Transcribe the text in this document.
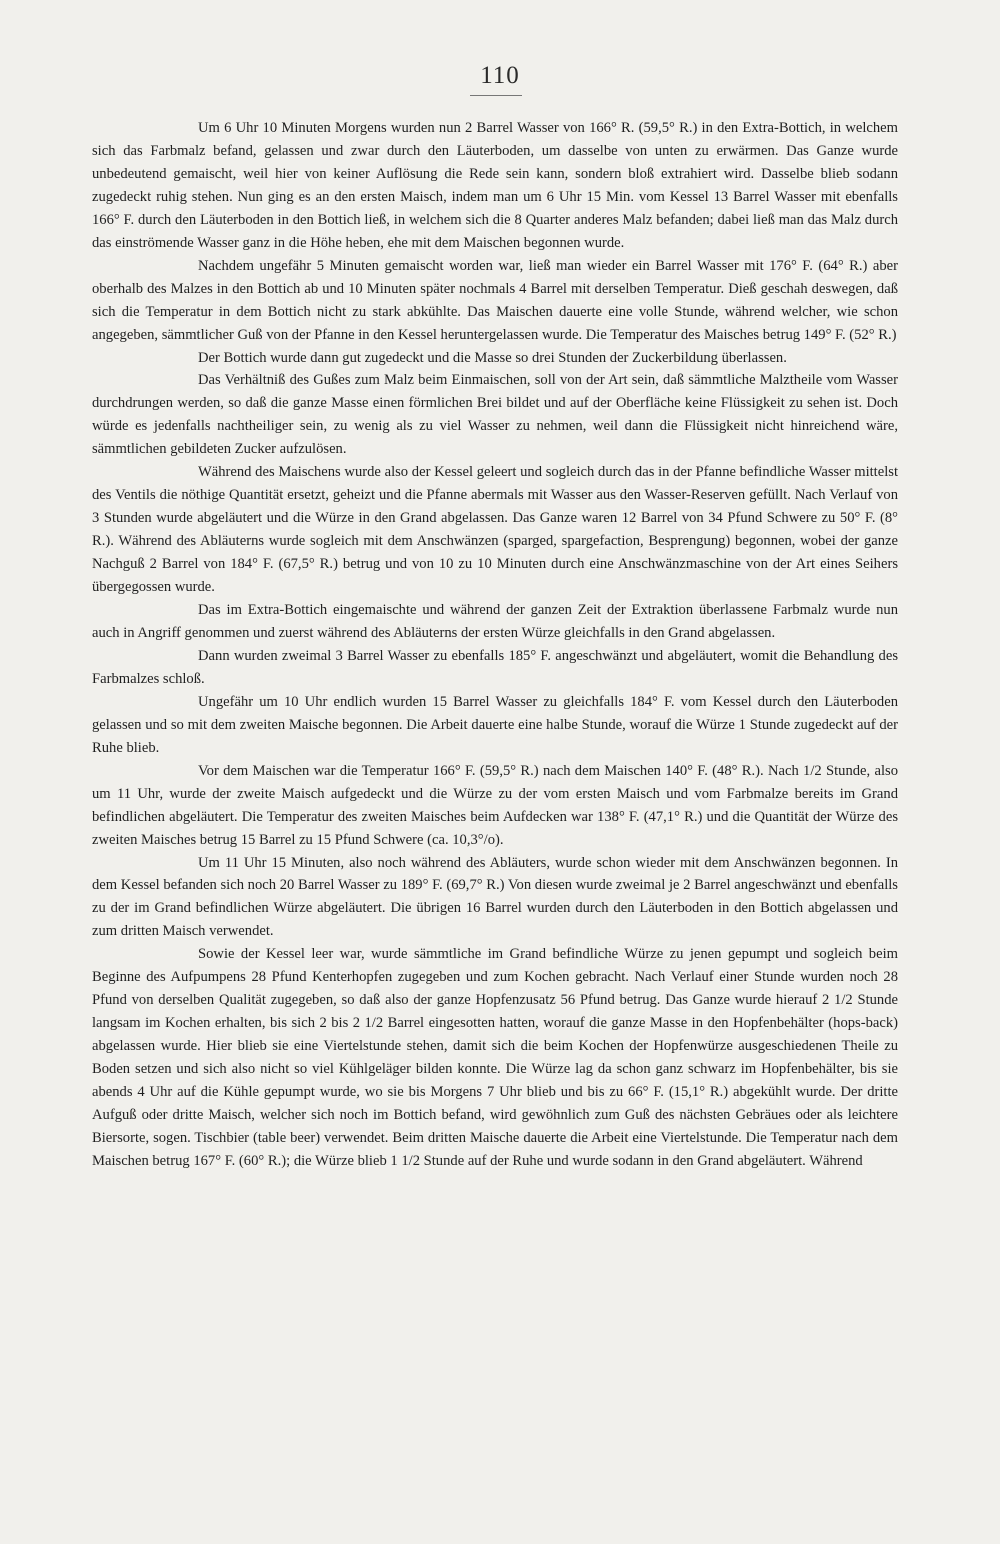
110

Um 6 Uhr 10 Minuten Morgens wurden nun 2 Barrel Wasser von 166° R. (59,5° R.) in den Extra-Bottich, in welchem sich das Farbmalz befand, gelassen und zwar durch den Läuterboden, um dasselbe von unten zu erwärmen. Das Ganze wurde unbedeutend gemaischt, weil hier von keiner Auflösung die Rede sein kann, sondern bloß extrahiert wird. Dasselbe blieb sodann zugedeckt ruhig stehen. Nun ging es an den ersten Maisch, indem man um 6 Uhr 15 Min. vom Kessel 13 Barrel Wasser mit ebenfalls 166° F. durch den Läuterboden in den Bottich ließ, in welchem sich die 8 Quarter anderes Malz befanden; dabei ließ man das Malz durch das einströmende Wasser ganz in die Höhe heben, ehe mit dem Maischen begonnen wurde.

Nachdem ungefähr 5 Minuten gemaischt worden war, ließ man wieder ein Barrel Wasser mit 176° F. (64° R.) aber oberhalb des Malzes in den Bottich ab und 10 Minuten später nochmals 4 Barrel mit derselben Temperatur. Dieß geschah deswegen, daß sich die Temperatur in dem Bottich nicht zu stark abkühlte. Das Maischen dauerte eine volle Stunde, während welcher, wie schon angegeben, sämmtlicher Guß von der Pfanne in den Kessel heruntergelassen wurde. Die Temperatur des Maisches betrug 149° F. (52° R.)

Der Bottich wurde dann gut zugedeckt und die Masse so drei Stunden der Zuckerbildung überlassen.

Das Verhältniß des Gußes zum Malz beim Einmaischen, soll von der Art sein, daß sämmtliche Malztheile vom Wasser durchdrungen werden, so daß die ganze Masse einen förmlichen Brei bildet und auf der Oberfläche keine Flüssigkeit zu sehen ist. Doch würde es jedenfalls nachtheiliger sein, zu wenig als zu viel Wasser zu nehmen, weil dann die Flüssigkeit nicht hinreichend wäre, sämmtlichen gebildeten Zucker aufzulösen.

Während des Maischens wurde also der Kessel geleert und sogleich durch das in der Pfanne befindliche Wasser mittelst des Ventils die nöthige Quantität ersetzt, geheizt und die Pfanne abermals mit Wasser aus den Wasser-Reserven gefüllt. Nach Verlauf von 3 Stunden wurde abgeläutert und die Würze in den Grand abgelassen. Das Ganze waren 12 Barrel von 34 Pfund Schwere zu 50° F. (8° R.). Während des Abläuterns wurde sogleich mit dem Anschwänzen (sparged, spargefaction, Besprengung) begonnen, wobei der ganze Nachguß 2 Barrel von 184° F. (67,5° R.) betrug und von 10 zu 10 Minuten durch eine Anschwänzmaschine von der Art eines Seihers übergegossen wurde.

Das im Extra-Bottich eingemaischte und während der ganzen Zeit der Extraktion überlassene Farbmalz wurde nun auch in Angriff genommen und zuerst während des Abläuterns der ersten Würze gleichfalls in den Grand abgelassen.

Dann wurden zweimal 3 Barrel Wasser zu ebenfalls 185° F. angeschwänzt und abgeläutert, womit die Behandlung des Farbmalzes schloß.

Ungefähr um 10 Uhr endlich wurden 15 Barrel Wasser zu gleichfalls 184° F. vom Kessel durch den Läuterboden gelassen und so mit dem zweiten Maische begonnen. Die Arbeit dauerte eine halbe Stunde, worauf die Würze 1 Stunde zugedeckt auf der Ruhe blieb.

Vor dem Maischen war die Temperatur 166° F. (59,5° R.) nach dem Maischen 140° F. (48° R.). Nach 1/2 Stunde, also um 11 Uhr, wurde der zweite Maisch aufgedeckt und die Würze zu der vom ersten Maisch und vom Farbmalze bereits im Grand befindlichen abgeläutert. Die Temperatur des zweiten Maisches beim Aufdecken war 138° F. (47,1° R.) und die Quantität der Würze des zweiten Maisches betrug 15 Barrel zu 15 Pfund Schwere (ca. 10,3°/o).

Um 11 Uhr 15 Minuten, also noch während des Abläuters, wurde schon wieder mit dem Anschwänzen begonnen. In dem Kessel befanden sich noch 20 Barrel Wasser zu 189° F. (69,7° R.) Von diesen wurde zweimal je 2 Barrel angeschwänzt und ebenfalls zu der im Grand befindlichen Würze abgeläutert. Die übrigen 16 Barrel wurden durch den Läuterboden in den Bottich abgelassen und zum dritten Maisch verwendet.

Sowie der Kessel leer war, wurde sämmtliche im Grand befindliche Würze zu jenen gepumpt und sogleich beim Beginne des Aufpumpens 28 Pfund Kenterhopfen zugegeben und zum Kochen gebracht. Nach Verlauf einer Stunde wurden noch 28 Pfund von derselben Qualität zugegeben, so daß also der ganze Hopfenzusatz 56 Pfund betrug. Das Ganze wurde hierauf 2 1/2 Stunde langsam im Kochen erhalten, bis sich 2 bis 2 1/2 Barrel eingesotten hatten, worauf die ganze Masse in den Hopfenbehälter (hops-back) abgelassen wurde. Hier blieb sie eine Viertelstunde stehen, damit sich die beim Kochen der Hopfenwürze ausgeschiedenen Theile zu Boden setzen und sich also nicht so viel Kühlgeläger bilden konnte. Die Würze lag da schon ganz schwarz im Hopfenbehälter, bis sie abends 4 Uhr auf die Kühle gepumpt wurde, wo sie bis Morgens 7 Uhr blieb und bis zu 66° F. (15,1° R.) abgekühlt wurde. Der dritte Aufguß oder dritte Maisch, welcher sich noch im Bottich befand, wird gewöhnlich zum Guß des nächsten Gebräues oder als leichtere Biersorte, sogen. Tischbier (table beer) verwendet. Beim dritten Maische dauerte die Arbeit eine Viertelstunde. Die Temperatur nach dem Maischen betrug 167° F. (60° R.); die Würze blieb 1 1/2 Stunde auf der Ruhe und wurde sodann in den Grand abgeläutert. Während
